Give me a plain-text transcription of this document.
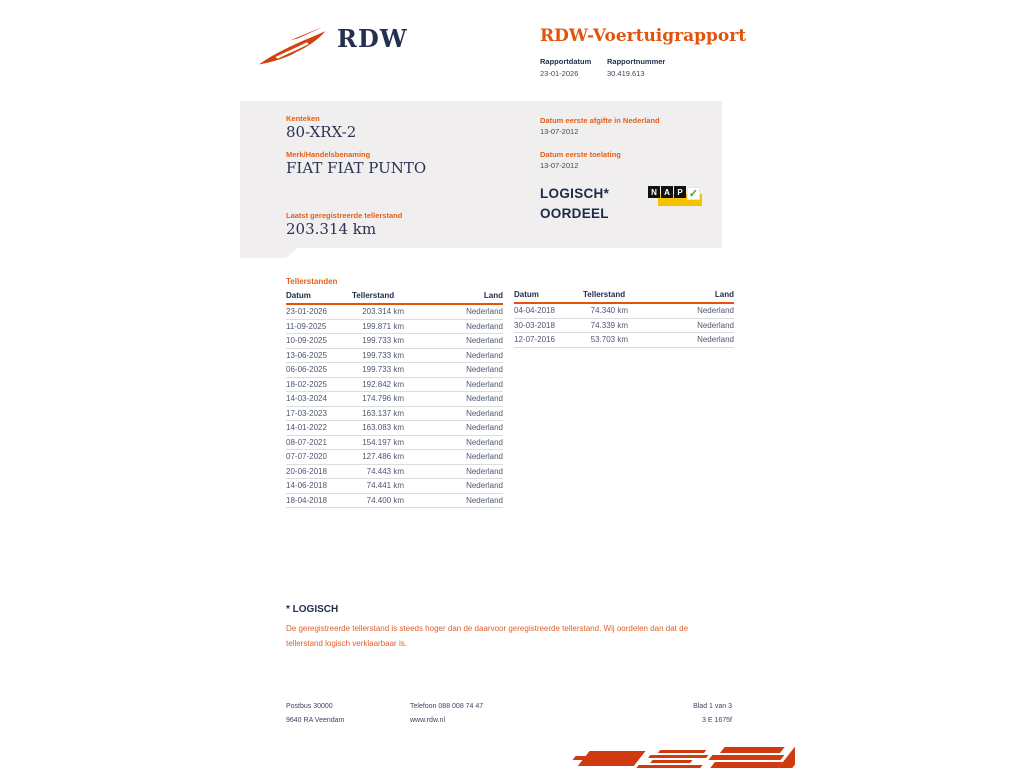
RDW	RDW-Voertuigrapport
Rapportdatum Rapportnummer
23-01-2026	30.419.613
Kenteken
80-XRX-2
Merk/Handelsbenaming
FIAT FIAT PUNTO
Laatst geregistreerde tellerstand
203.314 km
Datum eerste afgifte in Nederland
13-07-2012
Datum eerste toelating
13-07-2012
LOGISCH*
OORDEEL
N A P ✓
Tellerstanden
Datum	Tellerstand	Land
23-01-2026	203.314 km	Nederland
11-09-2025	199.871 km	Nederland
10-09-2025	199.733 km	Nederland
13-06-2025	199.733 km	Nederland
06-06-2025	199.733 km	Nederland
18-02-2025	192.842 km	Nederland
14-03-2024	174.796 km	Nederland
17-03-2023	163.137 km	Nederland
14-01-2022	163.083 km	Nederland
08-07-2021	154.197 km	Nederland
07-07-2020	127.486 km	Nederland
20-06-2018	74.443 km	Nederland
14-06-2018	74.441 km	Nederland
18-04-2018	74.400 km	Nederland
Datum	Tellerstand	Land
04-04-2018	74.340 km	Nederland
30-03-2018	74.339 km	Nederland
12-07-2016	53.703 km	Nederland
* LOGISCH
De geregistreerde tellerstand is steeds hoger dan de daarvoor geregistreerde tellerstand. Wij oordelen dan dat de tellerstand logisch verklaarbaar is.
Postbus 30000
9640 RA Veendam
Telefoon 088 008 74 47
www.rdw.nl
Blad 1 van 3
3 E 1675f
